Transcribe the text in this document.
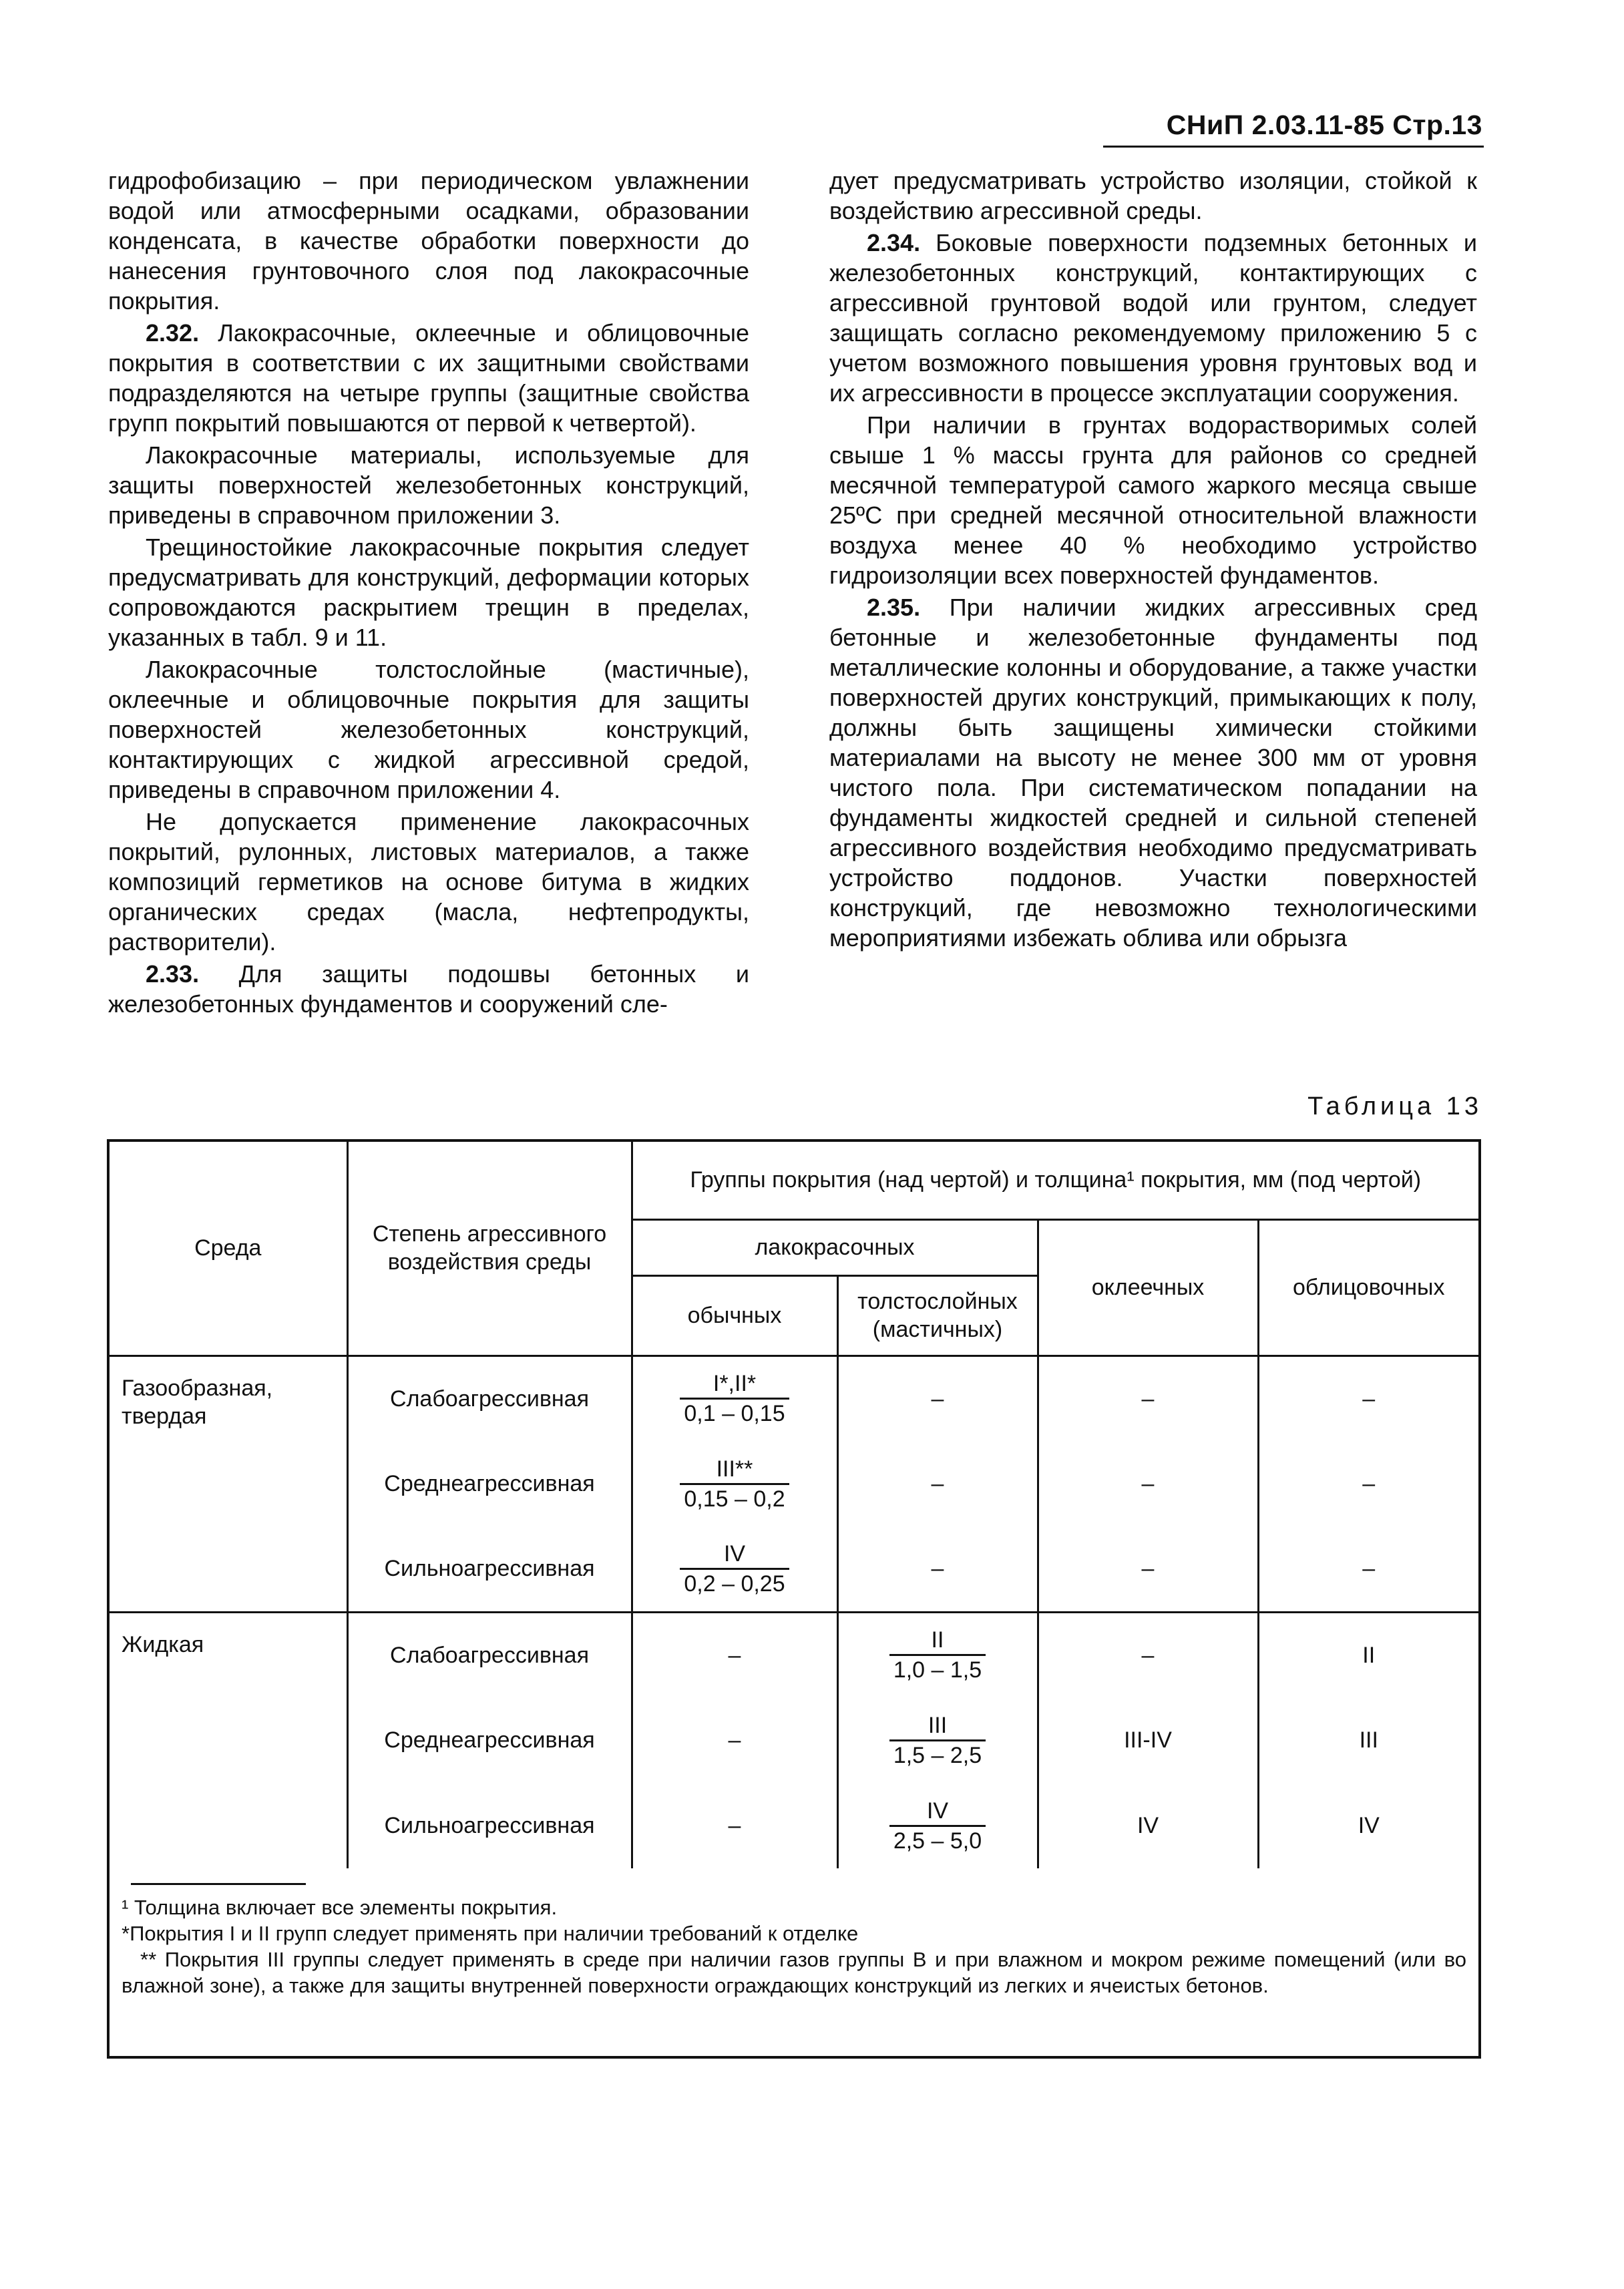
СНиП 2.03.11-85 Стр.13

гидрофобизацию – при периодическом увлажнении водой или атмосферными осадками, образовании конденсата, в качестве обработки поверхности до нанесения грунтовочного слоя под лакокрасочные покрытия.

2.32. Лакокрасочные, оклеечные и облицовочные покрытия в соответствии с их защитными свойствами подразделяются на четыре группы (защитные свойства групп покрытий повышаются от первой к четвертой).

Лакокрасочные материалы, используемые для защиты поверхностей железобетонных конструкций, приведены в справочном приложении 3.

Трещиностойкие лакокрасочные покрытия следует предусматривать для конструкций, деформации которых сопровождаются раскрытием трещин в пределах, указанных в табл. 9 и 11.

Лакокрасочные толстослойные (мастичные), оклеечные и облицовочные покрытия для защиты поверхностей железобетонных конструкций, контактирующих с жидкой агрессивной средой, приведены в справочном приложении 4.

Не допускается применение лакокрасочных покрытий, рулонных, листовых материалов, а также композиций герметиков на основе битума в жидких органических средах (масла, нефтепродукты, растворители).

2.33. Для защиты подошвы бетонных и железобетонных фундаментов и сооружений сле-

дует предусматривать устройство изоляции, стойкой к воздействию агрессивной среды.

2.34. Боковые поверхности подземных бетонных и железобетонных конструкций, контактирующих с агрессивной грунтовой водой или грунтом, следует защищать согласно рекомендуемому приложению 5 с учетом возможного повышения уровня грунтовых вод и их агрессивности в процессе эксплуатации сооружения.

При наличии в грунтах водорастворимых солей свыше 1 % массы грунта для районов со средней месячной температурой самого жаркого месяца свыше 25ºС при средней месячной относительной влажности воздуха менее 40 % необходимо устройство гидроизоляции всех поверхностей фундаментов.

2.35. При наличии жидких агрессивных сред бетонные и железобетонные фундаменты под металлические колонны и оборудование, а также участки поверхностей других конструкций, примыкающих к полу, должны быть защищены химически стойкими материалами на высоту не менее 300 мм от уровня чистого пола. При систематическом попадании на фундаменты жидкостей средней и сильной степеней агрессивного воздействия необходимо предусматривать устройство поддонов. Участки поверхностей конструкций, где невозможно технологическими мероприятиями избежать облива или обрызга

Таблица 13
Среда	Степень агрессивного воздействия среды	Группы покрытия (над чертой) и толщина¹ покрытия, мм (под чертой)			
		лакокрасочных		оклеечных	облицовочных
		обычных	толстослойных (мастичных)		
Газообразная, твердая	Слабоагрессивная	$\frac{I*,II*}{0,1 - 0,15}$	–	–	–
	Среднеагрессивная	$\frac{\text{III**}}{0,15 - 0,2}$	–	–	–
	Сильноагрессивная	$\frac{IV}{0,2 - 0,25}$	–	–	–
Жидкая	Слабоагрессивная	–	$\frac{II}{1,0 - 1,5}$	–	II
	Среднеагрессивная	–	$\frac{\text{III}}{1,5 - 2,5}$	III-IV	III
	Сильноагрессивная	–	$\frac{IV}{2,5 - 5,0}$	IV	IV

¹ Толщина включает все элементы покрытия.

*Покрытия I и II групп следует применять при наличии требований к отделке

** Покрытия III группы следует применять в среде при наличии газов группы В и при влажном и мокром режиме помещений (или во влажной зоне), а также для защиты внутренней поверхности ограждающих конструкций из легких и ячеистых бетонов.
